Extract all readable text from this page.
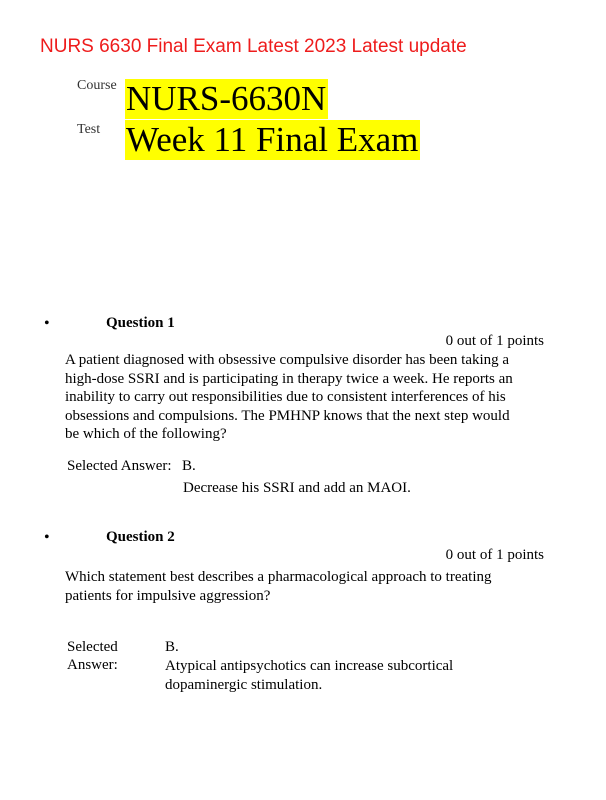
NURS 6630 Final Exam Latest 2023 Latest update
Course NURS-6630N
Test Week 11 Final Exam
•	Question 1
0 out of 1 points
A patient diagnosed with obsessive compulsive disorder has been taking a high-dose SSRI and is participating in therapy twice a week. He reports an inability to carry out responsibilities due to consistent interferences of his obsessions and compulsions. The PMHNP knows that the next step would be which of the following?
Selected Answer: B.
Decrease his SSRI and add an MAOI.
•	Question 2
0 out of 1 points
Which statement best describes a pharmacological approach to treating patients for impulsive aggression?
Selected
Answer:
B.
Atypical antipsychotics can increase subcortical dopaminergic stimulation.
